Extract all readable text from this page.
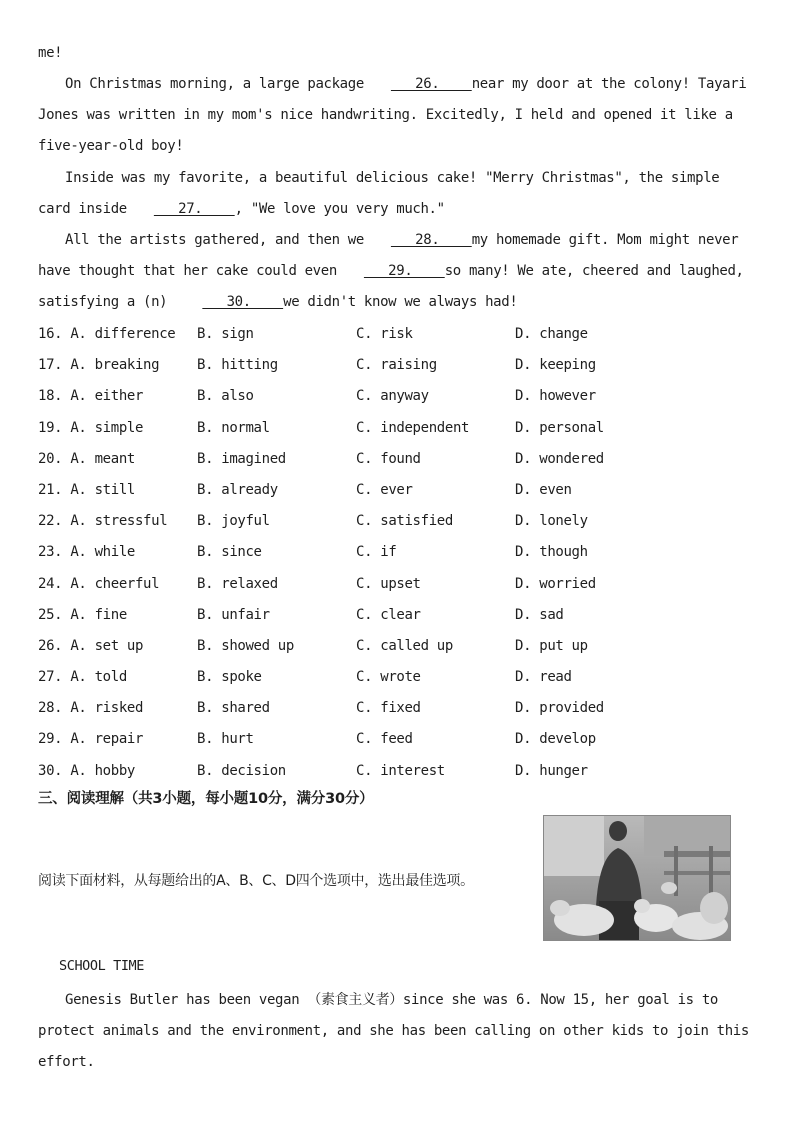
me!
On Christmas morning, a large package   26.    near my door at the colony! Tayari Jones was written in my mom's nice handwriting. Excitedly, I held and opened it like a five-year-old boy!
Inside was my favorite, a beautiful delicious cake! "Merry Christmas", the simple card inside   27.    , "We love you very much."
All the artists gathered, and then we   28.    my homemade gift. Mom might never have thought that her cake could even   29.    so many! We ate, cheered and laughed, satisfying a (n)    30.    we didn't know we always had!
16. A. difference B. sign	C. risk	D. change
17. A. breaking	B. hitting	C. raising	D. keeping
18. A. either	B. also	C. anyway	D. however
19. A. simple	B. normal	C. independent	D. personal
20. A. meant	B. imagined	C. found	D. wondered
21. A. still	B. already	C. ever	D. even
22. A. stressful B. joyful	C. satisfied	D. lonely
23. A. while	B. since	C. if	D. though
24. A. cheerful	B. relaxed	C. upset	D. worried
25. A. fine	B. unfair	C. clear	D. sad
26. A. set up	B. showed up	C. called up	D. put up
27. A. told	B. spoke	C. wrote	D. read
28. A. risked	B. shared	C. fixed	D. provided
29. A. repair	B. hurt	C. feed	D. develop
30. A. hobby	B. decision	C. interest	D. hunger
三、阅读理解（共3小题，每小题10分，满分30分）
阅读下面材料，从每题给出的A、B、C、D四个选项中，选出最佳选项。
SCHOOL TIME
Genesis Butler has been vegan （素食主义者）since she was 6. Now 15, her goal is to protect animals and the environment, and she has been calling on other kids to join this effort.
